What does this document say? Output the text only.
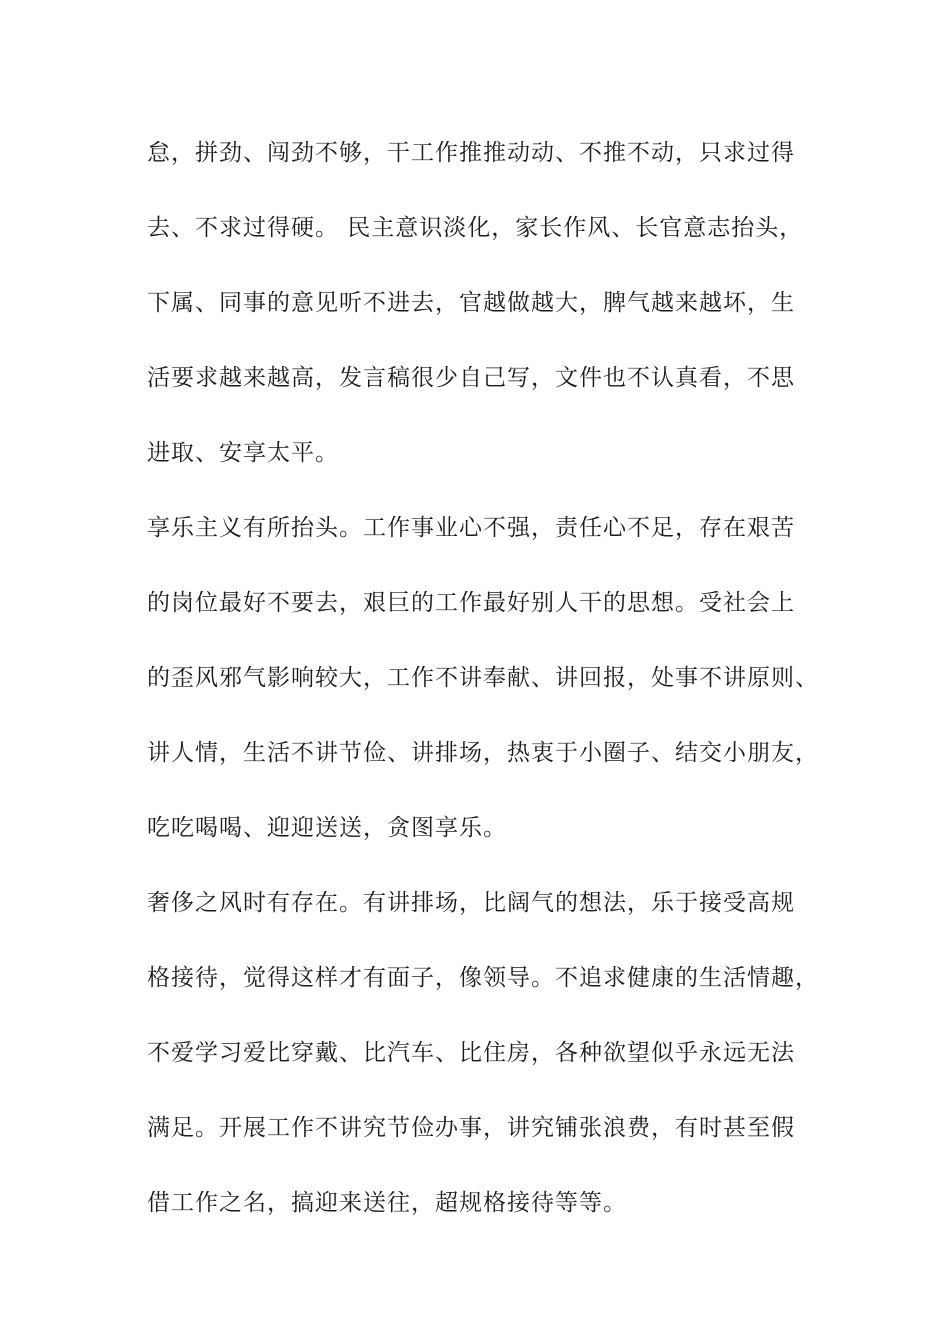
怠，拼劲、闯劲不够，干工作推推动动、不推不动，只求过得
去、不求过得硬。 民主意识淡化，家长作风、长官意志抬头，
下属、同事的意见听不进去，官越做越大，脾气越来越坏，生
活要求越来越高，发言稿很少自己写，文件也不认真看，不思
进取、安享太平。
享乐主义有所抬头。工作事业心不强，责任心不足，存在艰苦
的岗位最好不要去，艰巨的工作最好别人干的思想。受社会上
的歪风邪气影响较大，工作不讲奉献、讲回报，处事不讲原则、
讲人情，生活不讲节俭、讲排场，热衷于小圈子、结交小朋友，
吃吃喝喝、迎迎送送，贪图享乐。
奢侈之风时有存在。有讲排场，比阔气的想法，乐于接受高规
格接待，觉得这样才有面子，像领导。不追求健康的生活情趣，
不爱学习爱比穿戴、比汽车、比住房，各种欲望似乎永远无法
满足。开展工作不讲究节俭办事，讲究铺张浪费，有时甚至假
借工作之名，搞迎来送往，超规格接待等等。
